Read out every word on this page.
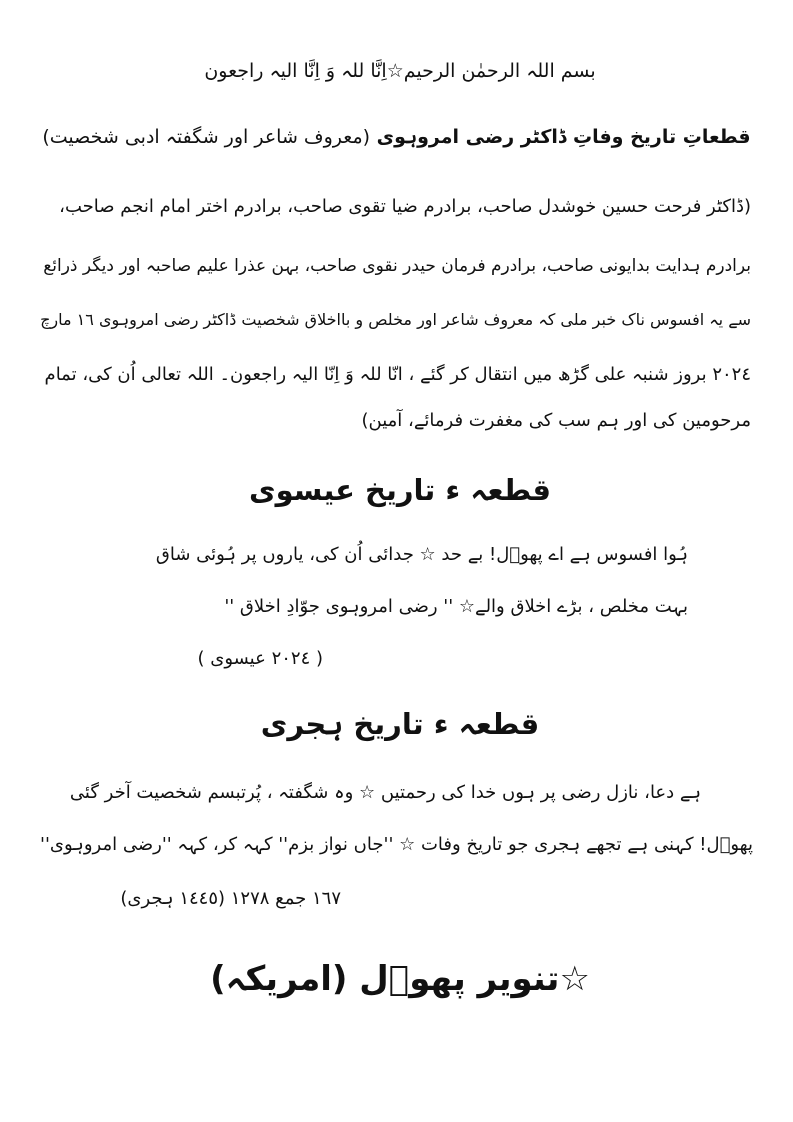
بسم اللہ الرحمٰن الرحیم☆اِنَّا للہ وَ اِنَّا الیہ راجعون
قطعاتِ تاریخ وفاتِ ڈاکٹر رضی امروہوی (معروف شاعر اور شگفتہ ادبی شخصیت)
(ڈاکٹر فرحت حسین خوشدل صاحب، برادرم ضیا تقوی صاحب، برادرم اختر امام انجم صاحب،
برادرم ہدایت بدایونی صاحب، برادرم فرمان حیدر نقوی صاحب، بہن عذرا علیم صاحبہ اور دیگر ذرائع
سے یہ افسوس ناک خبر ملی کہ معروف شاعر اور مخلص و بااخلاق شخصیت ڈاکٹر رضی امروہوی ١٦ مارچ
٢٠٢٤ بروز شنبہ علی گڑھ میں انتقال کر گئے ، انّا للہ وَ اِنّا الیہ راجعون۔ اللہ تعالی اُن کی، تمام
مرحومین کی اور ہم سب کی مغفرت فرمائے، آمین)
قطعہ ء تاریخ عیسوی
ہُوا افسوس ہے اے پھوؔل! بے حد ☆ جدائی اُن کی، یاروں پر ہُوئی شاق
بہت مخلص ، بڑے اخلاق والے☆ '' رضی امروہوی جوّادِ اخلاق ''
( ٢٠٢٤ عیسوی )
قطعہ ء تاریخ ہجری
ہے دعا، نازل رضی پر ہوں خدا کی رحمتیں ☆ وہ شگفتہ ، پُرتبسم شخصیت آخر گئی
پھوؔل! کہنی ہے تجھے ہجری جو تاریخ وفات ☆ ''جاں نواز بزم'' کہہ کر، کہہ ''رضی امروہوی''
١٦٧ جمع ١٢٧٨ (١٤٤٥ ہجری)
☆تنویر پھوؔل (امریکہ)
